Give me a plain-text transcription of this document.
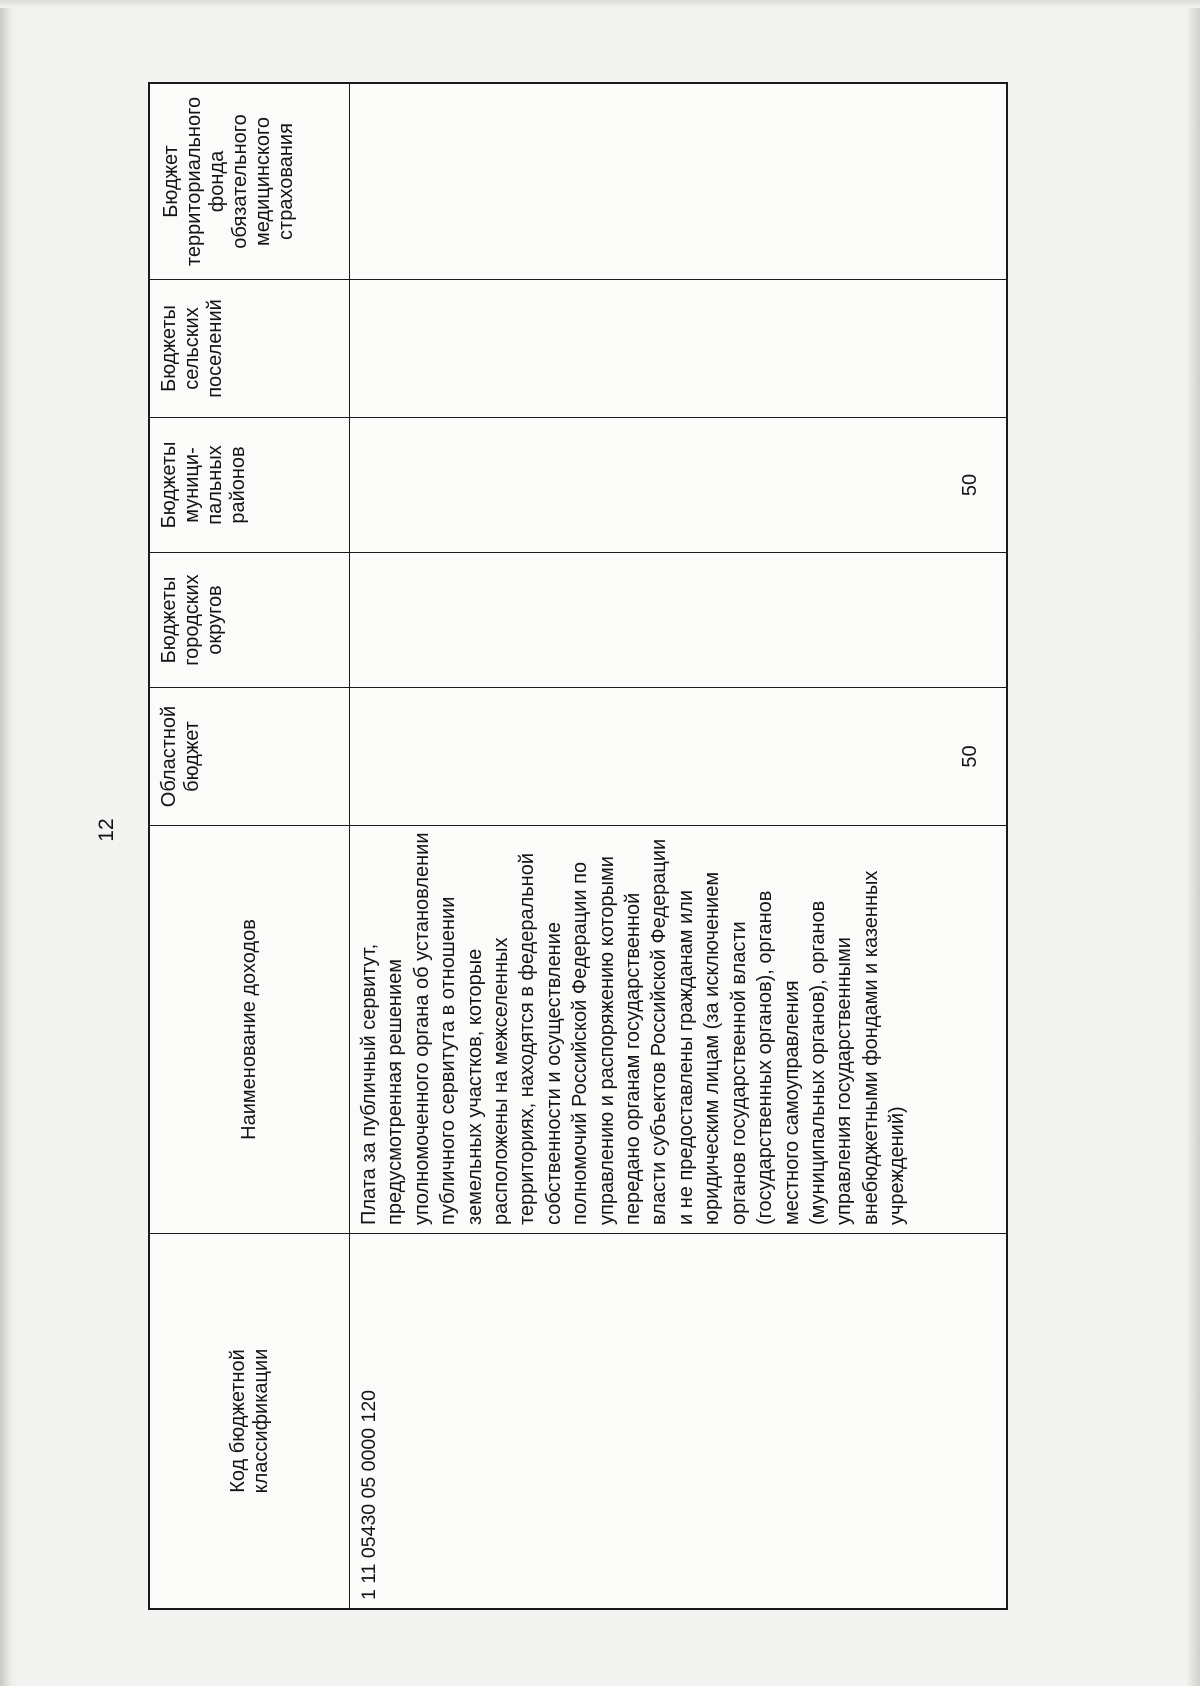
12
Код бюджетной классификации
Наименование доходов
Областной бюджет
Бюджеты городских округов
Бюджеты муници-пальных районов
Бюджеты сельских поселений
Бюджет территориального фонда обязательного медицинского страхования
1 11 05430 05 0000 120
Плата за публичный сервитут, предусмотренная решением уполномоченного органа об установлении публичного сервитута в отношении земельных участков, которые расположены на межселенных территориях, находятся в федеральной собственности и осуществление полномочий Российской Федерации по управлению и распоряжению которыми передано органам государственной власти субъектов Российской Федерации и не предоставлены гражданам или юридическим лицам (за исключением органов государственной власти (государственных органов), органов местного самоуправления (муниципальных органов), органов управления государственными внебюджетными фондами и казенных учреждений)
50
50
